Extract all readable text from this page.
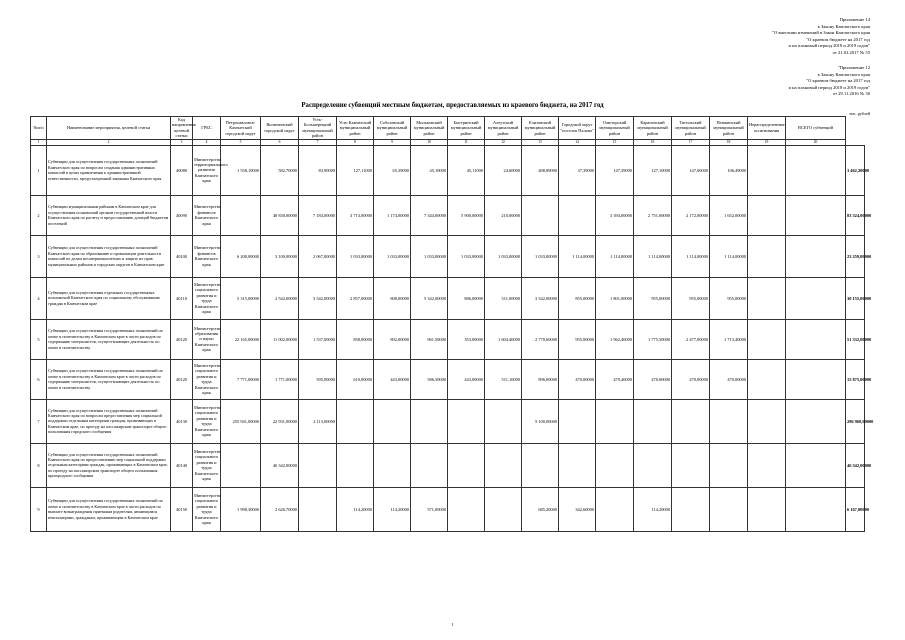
Приложение 14
к Закону Камчатского края
"О внесении изменений в Закон Камчатского края
"О краевом бюджете на 2017 год
и на плановый период 2018 и 2019 годов"
от 21.02.2017 № 55
"Приложение 12
к Закону Камчатского края
"О краевом бюджете на 2017 год
и на плановый период 2018 и 2019 годов"
от 29.11.2016 № 30
Распределение субвенций местным бюджетам, предоставляемых из краевого бюджета, на 2017 год
тыс. рублей
№п/п	Наименование мероприятия, целевой статьи	Код направления целевой статьи	ГРБС	Петропавловск-Камчатский городской округ	Вилючинский городской округ	Усть-Большерецкий муниципальный район	Усть-Камчатский муниципальный район	Соболевский муниципальный район	Мильковский муниципальный район	Быстринский муниципальный район	Алеутский муниципальный район	Елизовский муниципальный район	Городской округ "поселок Палана"	Олюторский муниципальный район	Карагинский муниципальный район	Тигильский муниципальный район	Пенжинский муниципальный район	Нераспределенные ассигнования	ВСЕГО субвенций	
1	2	3	4	5	6	7	8	9	10	11	12	13	14	15	16	17	18	19	20	
1	Субвенции для осуществления государственных полномочий Камчатского края по вопросам создания административных комиссий в целях привлечения к административной ответственности, предусмотренной законами Камчатского края	40080	Министерство территориального развития Камчатского края	1 558,10000	582,70000	83,90000	127,11000	65,39000	45,10000	45,11000	24,60000	408,89000	37,39000	147,39000	127,10000	147,60000	106,49000			3 462,20000
2	Субвенции муниципальным районам в Камчатском крае для осуществления полномочий органов государственной власти Камчатского края по расчету и предоставлению дотаций бюджетам поселений	40090	Министерство финансов Камчатского края		48 830,00000	7 184,00000	3 713,00000	1 174,00000	7 344,00000	5 900,00000	210,00000			3 394,00000	2 751,00000	2 172,00000	1 652,00000			83 324,00000
3	Субвенции для осуществления государственных полномочий Камчатского края по образованию и организации деятельности комиссий по делам несовершеннолетних и защите их прав муниципальных районов и городских округов в Камчатском крае	40100	Министерство финансов Камчатского края	6 200,00000	3 100,00000	2 067,00000	1 033,00000	1 033,00000	1 033,00000	1 033,00000	1 033,00000	1 033,00000	1 114,00000	1 114,00000	1 114,00000	1 114,00000	1 114,00000			23 259,00000
4	Субвенции для осуществления отдельных государственных полномочий Камчатского края по социальному обслуживанию граждан в Камчатском крае	40110	Министерство социального развития и труда Камчатского края	5 315,00000	2 542,00000	3 542,00000	2 857,00000	808,00000	5 342,00000	886,00000	511,00000	3 542,00000	855,00000	1 801,00000	955,00000	955,00000	955,00000			30 155,00000
5	Субвенции для осуществления государственных полномочий по опеке и попечительству в Камчатском крае в части расходов по содержанию специалистов, осуществляющих деятельность по опеке и попечительству	40120	Министерство образования и науки Камчатского края	22 165,00000	11 002,00000	1 537,00000	858,00000	892,00000	961,50000	353,00000	1 604,40000	2 770,60000	955,00000	1 962,40000	1 775,50000	2 477,00000	1 713,40000			51 332,00000
6	Субвенции для осуществления государственных полномочий по опеке и попечительству в Камчатском крае в части расходов по содержанию специалистов, осуществляющих деятельность по опеке и попечительству	40120	Министерство социального развития и труда Камчатского края	7 771,00000	1 771,00000	595,00000	610,00000	443,00000	586,50000	443,00000	511,10000	896,00000	470,00000	470,40000	470,00000	470,00000	470,00000			15 875,00000
7	Субвенции для осуществления государственных полномочий Камчатского края по вопросам предоставления мер социальной поддержки отдельным категориям граждан, проживающих в Камчатском крае, по проезду на пассажирском транспорте общего пользования городского сообщения	40130	Министерство социального развития и труда Камчатского края	255 941,00000	22 931,00000	2 113,00000						5 100,00000								286 968,00000
8	Субвенции для осуществления государственных полномочий Камчатского края по предоставлению мер социальной поддержки отдельным категориям граждан, проживающих в Камчатском крае, по проезду на пассажирском транспорте общего пользования пригородного сообщения	40140	Министерство социального развития и труда Камчатского края		46 342,00000															46 342,00000
9	Субвенции для осуществления государственных полномочий по опеке и попечительству в Камчатском крае в части расходов по выплате вознаграждения приемным родителям, являющимся пенсионерами, гражданам, проживающим в Камчатском крае	40150	Министерство социального развития и труда Камчатского края	1 998,30000	2 626,70000		114,20000	114,20000	571,00000			685,20000	342,60000		114,20000					6 167,00000
1
